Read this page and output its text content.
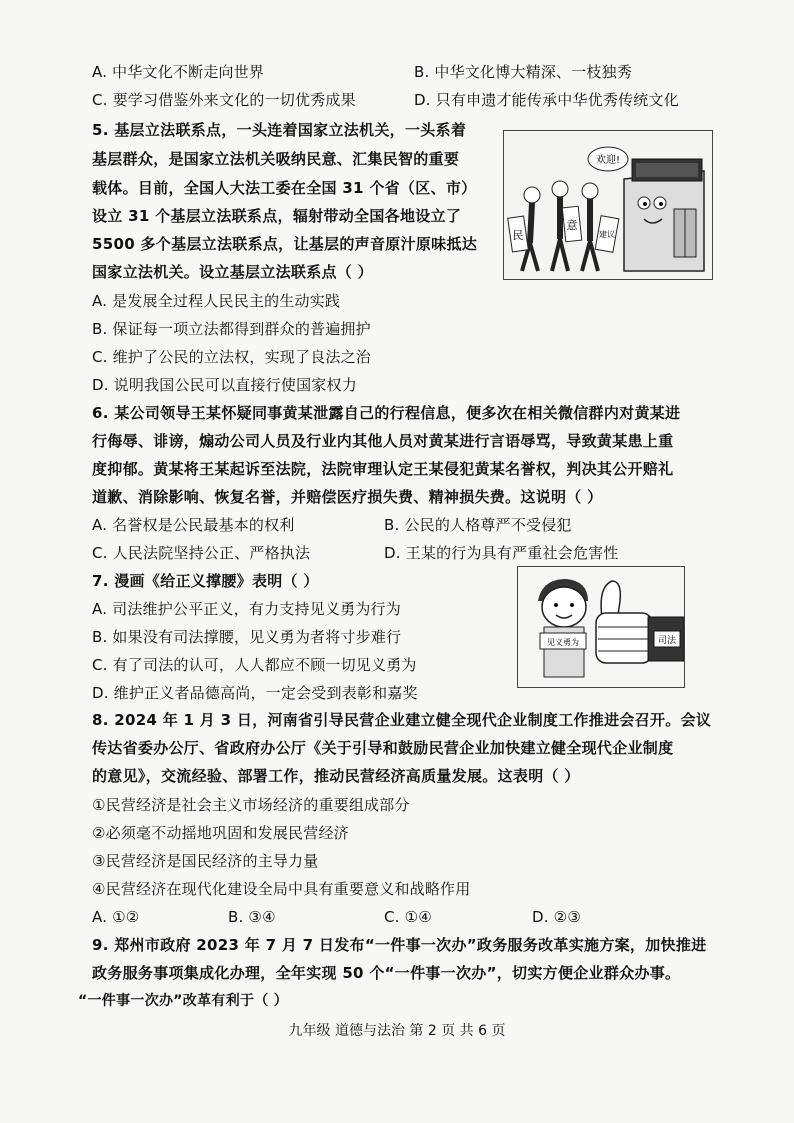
A. 中华文化不断走向世界	B. 中华文化博大精深、一枝独秀
C. 要学习借鉴外来文化的一切优秀成果	D. 只有申遗才能传承中华优秀传统文化
5. 基层立法联系点，一头连着国家立法机关，一头系着
基层群众，是国家立法机关吸纳民意、汇集民智的重要
载体。目前，全国人大法工委在全国 31 个省（区、市）
设立 31 个基层立法联系点，辐射带动全国各地设立了
5500 多个基层立法联系点，让基层的声音原汁原味抵达
国家立法机关。设立基层立法联系点（ ）
欢迎!
民
意
建议
A. 是发展全过程人民民主的生动实践
B. 保证每一项立法都得到群众的普遍拥护
C. 维护了公民的立法权，实现了良法之治
D. 说明我国公民可以直接行使国家权力
6. 某公司领导王某怀疑同事黄某泄露自己的行程信息，便多次在相关微信群内对黄某进
行侮辱、诽谤，煽动公司人员及行业内其他人员对黄某进行言语辱骂，导致黄某患上重
度抑郁。黄某将王某起诉至法院，法院审理认定王某侵犯黄某名誉权，判决其公开赔礼
道歉、消除影响、恢复名誉，并赔偿医疗损失费、精神损失费。这说明（ ）
A. 名誉权是公民最基本的权利	B. 公民的人格尊严不受侵犯
C. 人民法院坚持公正、严格执法	D. 王某的行为具有严重社会危害性
7. 漫画《给正义撑腰》表明（ ）
A. 司法维护公平正义，有力支持见义勇为行为
B. 如果没有司法撑腰，见义勇为者将寸步难行
C. 有了司法的认可，人人都应不顾一切见义勇为
D. 维护正义者品德高尚，一定会受到表彰和嘉奖
见义勇为	司法
8. 2024 年 1 月 3 日，河南省引导民营企业建立健全现代企业制度工作推进会召开。会议
传达省委办公厅、省政府办公厅《关于引导和鼓励民营企业加快建立健全现代企业制度
的意见》，交流经验、部署工作，推动民营经济高质量发展。这表明（ ）
①民营经济是社会主义市场经济的重要组成部分
②必须毫不动摇地巩固和发展民营经济
③民营经济是国民经济的主导力量
④民营经济在现代化建设全局中具有重要意义和战略作用
A. ①②	B. ③④	C. ①④	D. ②③
9. 郑州市政府 2023 年 7 月 7 日发布“一件事一次办”政务服务改革实施方案，加快推进
政务服务事项集成化办理，全年实现 50 个“一件事一次办”，切实方便企业群众办事。
“一件事一次办”改革有利于（ ）
九年级 道德与法治 第 2 页 共 6 页
